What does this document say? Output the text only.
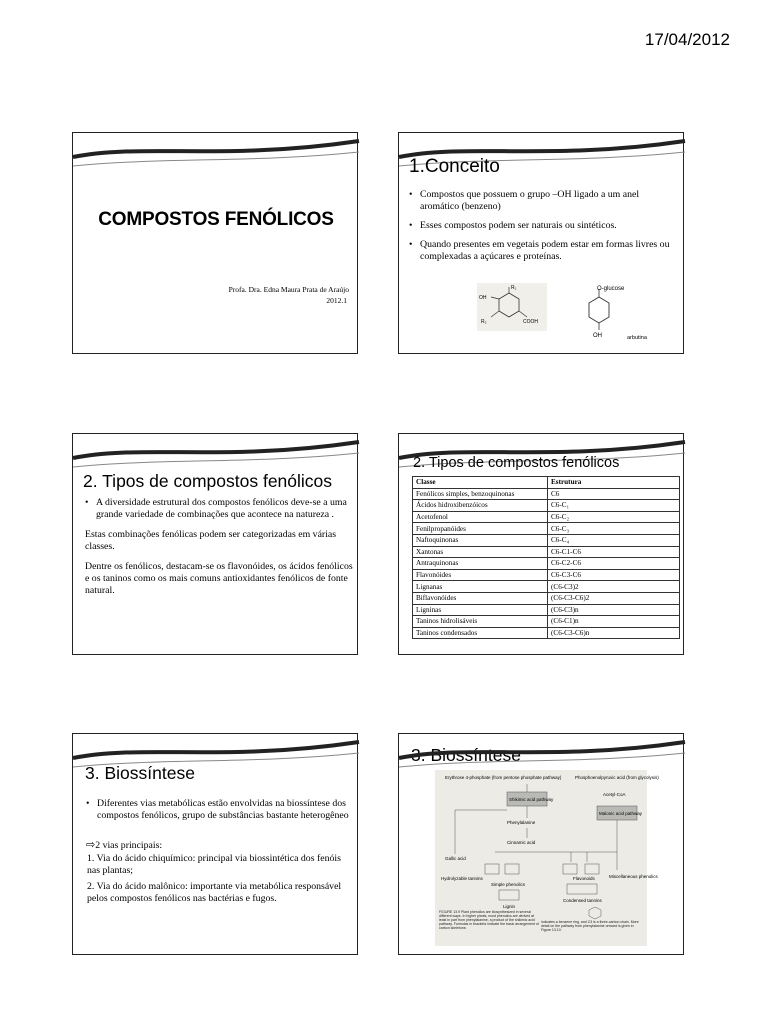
17/04/2012
COMPOSTOS FENÓLICOS
Profa. Dra. Edna Maura Prata de Araújo
2012.1
1.Conceito
• Compostos que possuem o grupo –OH ligado a um anel aromático (benzeno)
• Esses compostos podem ser naturais ou sintéticos.
• Quando presentes em vegetais podem estar em formas livres ou complexadas a açúcares e proteínas.
R₁
OH
R₂	COOH
O-glucose
OH	arbutina
2. Tipos de compostos fenólicos
• A diversidade estrutural dos compostos fenólicos deve-se a uma grande variedade de combinações que acontece na natureza .
Estas combinações fenólicas podem ser categorizadas em várias classes.
Dentre os fenólicos, destacam-se os flavonóides, os ácidos fenólicos e os taninos como os mais comuns antioxidantes fenólicos de fonte natural.
2. Tipos de compostos fenólicos
Classe	Estrutura
Fenólicos simples, benzoquinonas	C6
Ácidos hidroxibenzóicos	C6-C₁
Acetofenol	C6-C₂
Fenilpropanóides	C6-C₃
Naftoquinonas	C6-C₄
Xantonas	C6-C1-C6
Antraquinonas	C6-C2-C6
Flavonóides	C6-C3-C6
Lignanas	(C6-C3)2
Biflavonóides	(C6-C3-C6)2
Ligninas	(C6-C3)n
Taninos hidrolisáveis	(C6-C1)n
Taninos condensados	(C6-C3-C6)n
3. Biossíntese
• Diferentes vias metabólicas estão envolvidas na biossíntese dos compostos fenólicos, grupo de substâncias bastante heterogêneo
⇨2 vias principais:
1. Via do ácido chiquímico: principal via biossintética dos fenóis nas plantas;
2. Via do ácido malônico: importante via metabólica responsável pelos compostos fenólicos nas bactérias e fugos.
3. Biossíntese
Erythrose 4-phosphate (from pentose phosphate pathway)	Phosphoenolpyruvic acid (from glycolysis)
Shikimic acid pathway
Acetyl-CoA
Malonic acid pathway
Phenylalanine
Cinnamic acid
Gallic acid
Hydrolyzable tannins
Simple phenolics
Lignin
Flavonoids
Condensed tannins
Miscellaneous phenolics
FIGURE 13.9 Plant phenolics are biosynthesized in several different ways. In higher plants, most phenolics are derived at least in part from phenylalanine, a product of the shikimic acid pathway. Formulas in brackets indicate the basic arrangement of carbon skeletons:
indicates a benzene ring, and C3 is a three-carbon chain. More detail on the pathway from phenylalanine onward is given in Figure 13.10.
